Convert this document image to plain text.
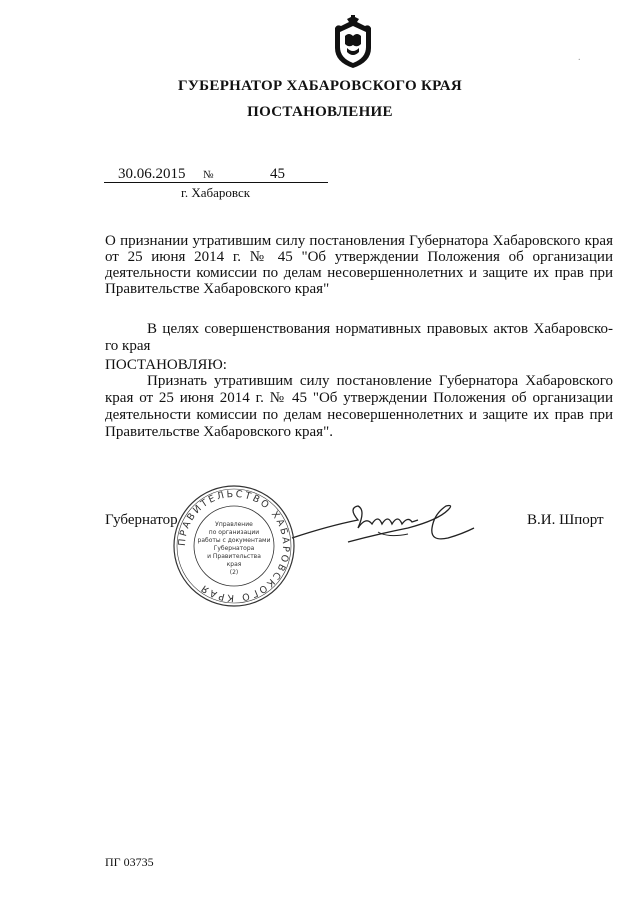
.
ГУБЕРНАТОР ХАБАРОВСКОГО КРАЯ
ПОСТАНОВЛЕНИЕ
30.06.2015 №	45
г. Хабаровск
О признании утратившим силу постановления Губернатора Хабаровского края от 25 июня 2014 г. № 45 "Об утверждении Положения об организации деятельности комиссии по делам несовершеннолетних и защите их прав при Правительстве Хабаровского края"
В целях совершенствования нормативных правовых актов Хабаровско-го края
ПОСТАНОВЛЯЮ:
Признать утратившим силу постановление Губернатора Хабаровского края от 25 июня 2014 г. № 45 "Об утверждении Положения об организации деятельности комиссии по делам несовершеннолетних и защите их прав при Правительстве Хабаровского края".
Губернатор	В.И. Шпорт
ПРАВИТЕЛЬСТВО ХАБАРОВСКОГО КРАЯ
Управление
по организации
работы с документами
Губернатора
и Правительства
края
(2)
ПГ 03735
